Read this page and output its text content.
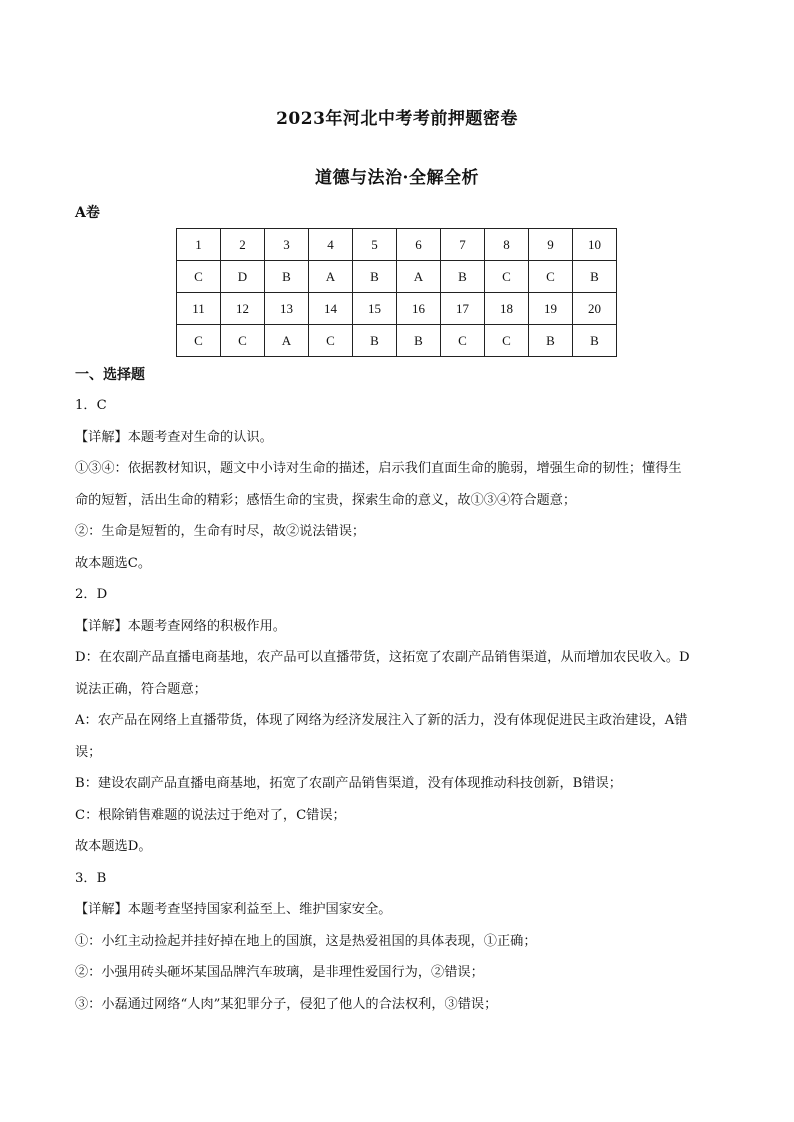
2023年河北中考考前押题密卷
道德与法治·全解全析
A卷
1	2	3	4	5	6	7	8	9	10
C	D	B	A	B	A	B	C	C	B
11	12	13	14	15	16	17	18	19	20
C	C	A	C	B	B	C	C	B	B
一、选择题
1．C
【详解】本题考查对生命的认识。
①③④：依据教材知识，题文中小诗对生命的描述，启示我们直面生命的脆弱，增强生命的韧性；懂得生
命的短暂，活出生命的精彩；感悟生命的宝贵，探索生命的意义，故①③④符合题意；
②：生命是短暂的，生命有时尽，故②说法错误；
故本题选C。
2．D
【详解】本题考查网络的积极作用。
D：在农副产品直播电商基地，农产品可以直播带货，这拓宽了农副产品销售渠道，从而增加农民收入。D
说法正确，符合题意；
A：农产品在网络上直播带货，体现了网络为经济发展注入了新的活力，没有体现促进民主政治建设，A错
误；
B：建设农副产品直播电商基地，拓宽了农副产品销售渠道，没有体现推动科技创新，B错误；
C：根除销售难题的说法过于绝对了，C错误；
故本题选D。
3．B
【详解】本题考查坚持国家利益至上、维护国家安全。
①：小红主动捡起并挂好掉在地上的国旗，这是热爱祖国的具体表现，①正确；
②：小强用砖头砸坏某国品牌汽车玻璃，是非理性爱国行为，②错误；
③：小磊通过网络“人肉”某犯罪分子，侵犯了他人的合法权利，③错误；
